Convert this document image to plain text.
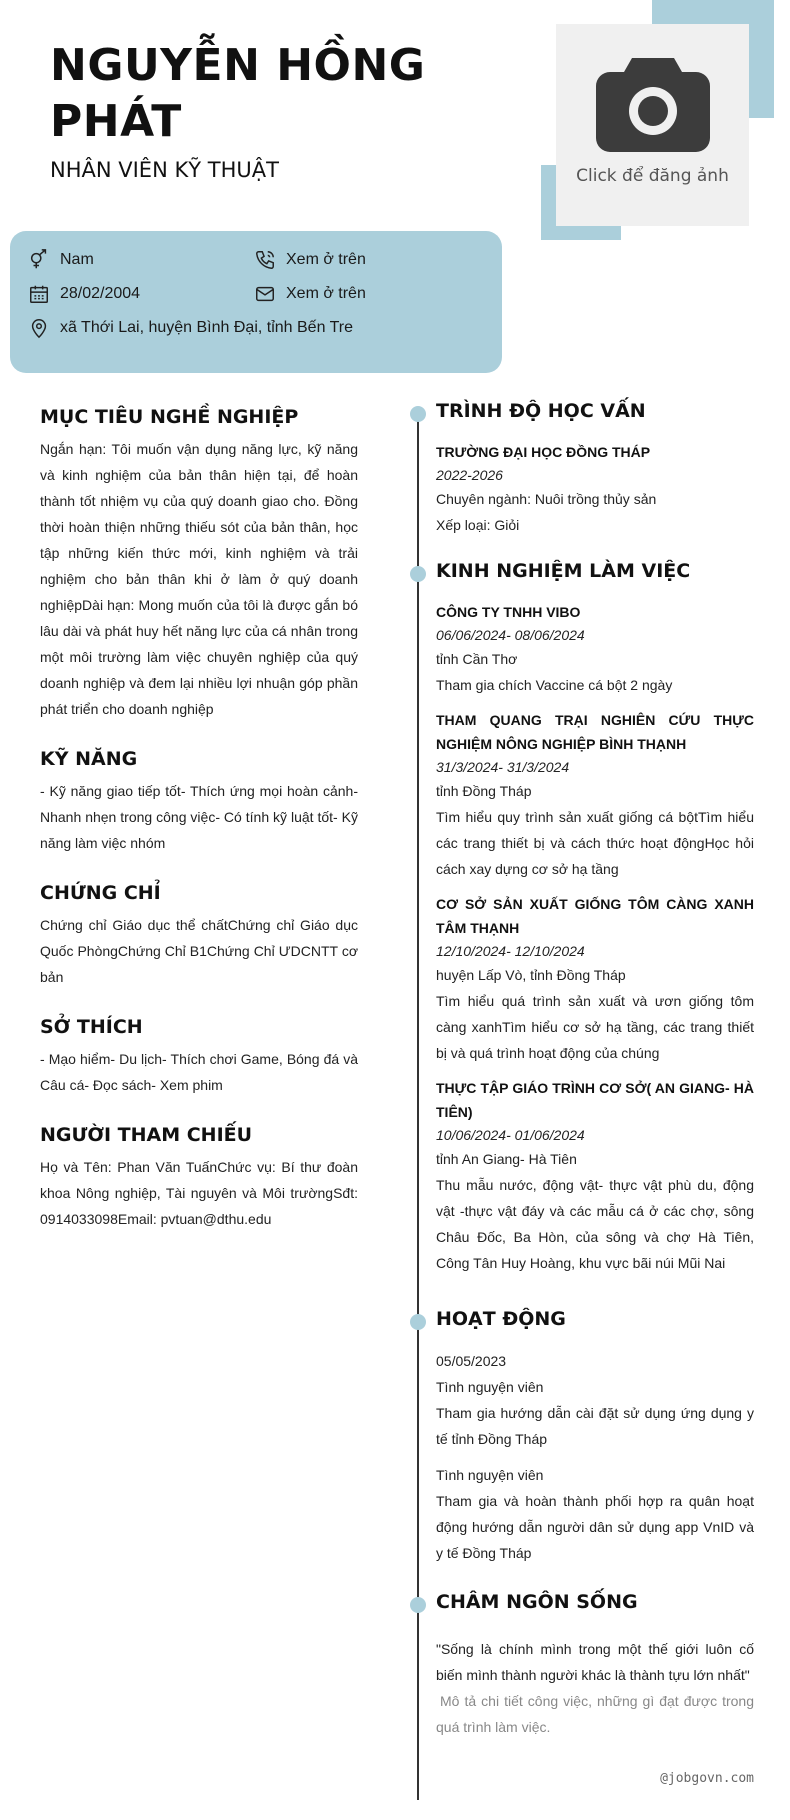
NGUYỄN HỒNG PHÁT
NHÂN VIÊN KỸ THUẬT	Click để đăng ảnh
Nam	Xem ở trên
28/02/2004	Xem ở trên
xã Thới Lai, huyện Bình Đại, tỉnh Bến Tre
MỤC TIÊU NGHỀ NGHIỆP

Ngắn hạn: Tôi muốn vận dụng năng lực, kỹ năng và kinh nghiệm của bản thân hiện tại, để hoàn thành tốt nhiệm vụ của quý doanh giao cho. Đồng thời hoàn thiện những thiếu sót của bản thân, học tập những kiến thức mới, kinh nghiệm và trải nghiệm cho bản thân khi ở làm ở quý doanh nghiệpDài hạn: Mong muốn của tôi là được gắn bó lâu dài và phát huy hết năng lực của cá nhân trong một môi trường làm việc chuyên nghiệp của quý doanh nghiệp và đem lại nhiều lợi nhuận góp phần phát triển cho doanh nghiệp

KỸ NĂNG

- Kỹ năng giao tiếp tốt- Thích ứng mọi hoàn cảnh- Nhanh nhẹn trong công việc- Có tính kỹ luật tốt- Kỹ năng làm việc nhóm

CHỨNG CHỈ

Chứng chỉ Giáo dục thể chấtChứng chỉ Giáo dục Quốc PhòngChứng Chỉ B1Chứng Chỉ ƯDCNTT cơ bản

SỞ THÍCH

- Mạo hiểm- Du lịch- Thích chơi Game, Bóng đá và Câu cá- Đọc sách- Xem phim

NGƯỜI THAM CHIẾU

Họ và Tên: Phan Văn TuấnChức vụ: Bí thư đoàn khoa Nông nghiệp, Tài nguyên và Môi trườngSđt: 0914033098Email: pvtuan@dthu.edu

TRÌNH ĐỘ HỌC VẤN
TRƯỜNG ĐẠI HỌC ĐỒNG THÁP
2022-2026
Chuyên ngành: Nuôi trồng thủy sản
Xếp loại: Giỏi
KINH NGHIỆM LÀM VIỆC
CÔNG TY TNHH VIBO
06/06/2024- 08/06/2024
tỉnh Cần Thơ
Tham gia chích Vaccine cá bột 2 ngày
THAM QUANG TRẠI NGHIÊN CỨU THỰC NGHIỆM NÔNG NGHIỆP BÌNH THẠNH
31/3/2024- 31/3/2024
tỉnh Đồng Tháp
Tìm hiểu quy trình sản xuất giống cá bộtTìm hiểu các trang thiết bị và cách thức hoạt độngHọc hỏi cách xay dựng cơ sở hạ tầng
CƠ SỞ SẢN XUẤT GIỐNG TÔM CÀNG XANH TÂM THẠNH
12/10/2024- 12/10/2024
huyện Lấp Vò, tỉnh Đồng Tháp
Tìm hiểu quá trình sản xuất và ươn giống tôm càng xanhTìm hiểu cơ sở hạ tầng, các trang thiết bị và quá trình hoạt động của chúng
THỰC TẬP GIÁO TRÌNH CƠ SỞ( AN GIANG- HÀ TIÊN)
10/06/2024- 01/06/2024
tỉnh An Giang- Hà Tiên
Thu mẫu nước, động vật- thực vật phù du, động vật -thực vật đáy và các mẫu cá ở các chợ, sông Châu Đốc, Ba Hòn, của sông và chợ Hà Tiên, Công Tân Huy Hoàng, khu vực bãi núi Mũi Nai
HOẠT ĐỘNG
05/05/2023
Tình nguyện viên
Tham gia hướng dẫn cài đặt sử dụng ứng dụng y tế tỉnh Đồng Tháp
Tình nguyện viên
Tham gia và hoàn thành phối hợp ra quân hoạt động hướng dẫn người dân sử dụng app VnID và y tế Đồng Tháp
CHÂM NGÔN SỐNG
"Sống là chính mình trong một thế giới luôn cố biến mình thành người khác là thành tựu lớn nhất"
Mô tả chi tiết công việc, những gì đạt được trong quá trình làm việc.
@jobgovn.com
